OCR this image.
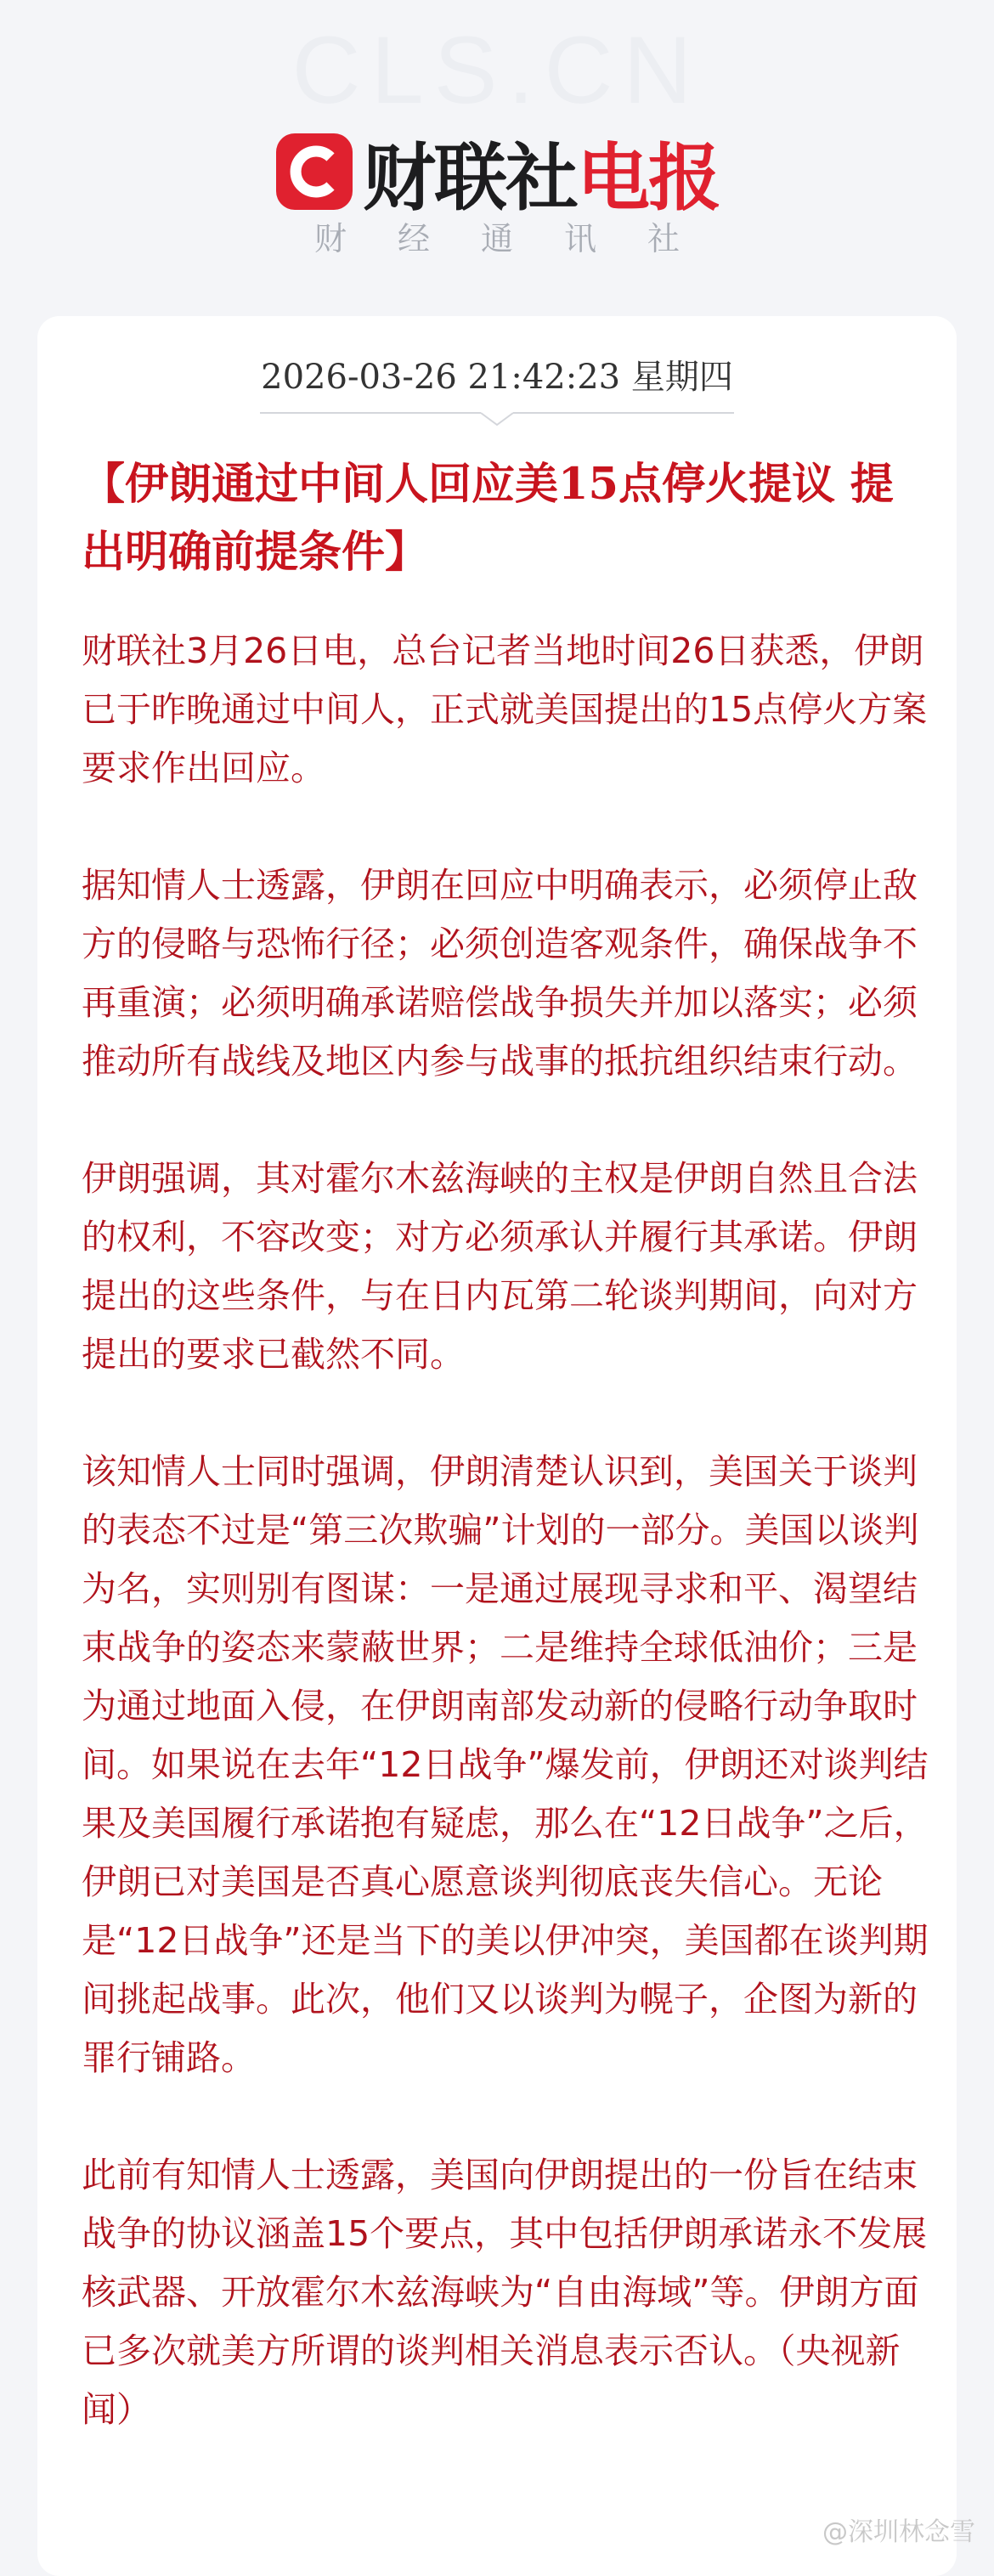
CLS.CN
财联社电报
财 经 通 讯 社
2026-03-26 21:42:23 星期四
【伊朗通过中间人回应美15点停火提议 提出明确前提条件】

财联社3月26日电，总台记者当地时间26日获悉，伊朗已于昨晚通过中间人，正式就美国提出的15点停火方案要求作出回应。

据知情人士透露，伊朗在回应中明确表示，必须停止敌方的侵略与恐怖行径；必须创造客观条件，确保战争不再重演；必须明确承诺赔偿战争损失并加以落实；必须推动所有战线及地区内参与战事的抵抗组织结束行动。

伊朗强调，其对霍尔木兹海峡的主权是伊朗自然且合法的权利，不容改变；对方必须承认并履行其承诺。伊朗提出的这些条件，与在日内瓦第二轮谈判期间，向对方提出的要求已截然不同。

该知情人士同时强调，伊朗清楚认识到，美国关于谈判的表态不过是“第三次欺骗”计划的一部分。美国以谈判为名，实则别有图谋：一是通过展现寻求和平、渴望结束战争的姿态来蒙蔽世界；二是维持全球低油价；三是为通过地面入侵，在伊朗南部发动新的侵略行动争取时间。如果说在去年“12日战争”爆发前，伊朗还对谈判结果及美国履行承诺抱有疑虑，那么在“12日战争”之后，伊朗已对美国是否真心愿意谈判彻底丧失信心。无论是“12日战争”还是当下的美以伊冲突，美国都在谈判期间挑起战事。此次，他们又以谈判为幌子，企图为新的罪行铺路。

此前有知情人士透露，美国向伊朗提出的一份旨在结束战争的协议涵盖15个要点，其中包括伊朗承诺永不发展核武器、开放霍尔木兹海峡为“自由海域”等。伊朗方面已多次就美方所谓的谈判相关消息表示否认。（央视新闻）

@深圳林念雪
